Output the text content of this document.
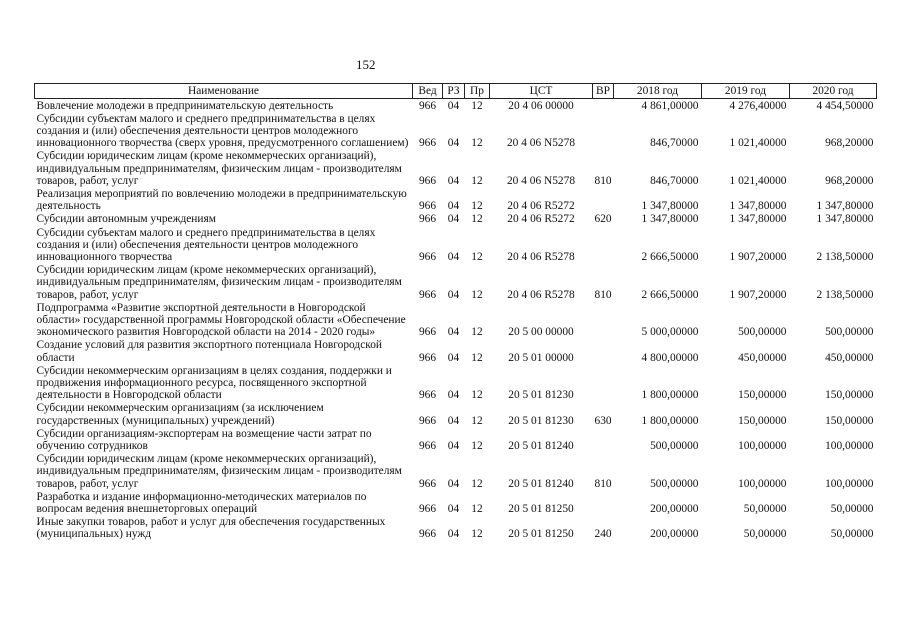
152
Наименование	Вед	РЗ	Пр	ЦСТ	ВР	2018 год	2019 год	2020 год
Вовлечение молодежи в предпринимательскую деятельность	966	04	12	20 4 06 00000		4 861,00000	4 276,40000	4 454,50000
Субсидии субъектам малого и среднего предпринимательства в целях создания и (или) обеспечения деятельности центров молодежного инновационного творчества (сверх уровня, предусмотренного соглашением)	966	04	12	20 4 06 N5278		846,70000	1 021,40000	968,20000
Субсидии юридическим лицам (кроме некоммерческих организаций), индивидуальным предпринимателям, физическим лицам - производителям товаров, работ, услуг	966	04	12	20 4 06 N5278	810	846,70000	1 021,40000	968,20000
Реализация мероприятий по вовлечению молодежи в предпринимательскую деятельность	966	04	12	20 4 06 R5272		1 347,80000	1 347,80000	1 347,80000
Субсидии автономным учреждениям	966	04	12	20 4 06 R5272	620	1 347,80000	1 347,80000	1 347,80000
Субсидии субъектам малого и среднего предпринимательства в целях создания и (или) обеспечения деятельности центров молодежного инновационного творчества	966	04	12	20 4 06 R5278		2 666,50000	1 907,20000	2 138,50000
Субсидии юридическим лицам (кроме некоммерческих организаций), индивидуальным предпринимателям, физическим лицам - производителям товаров, работ, услуг	966	04	12	20 4 06 R5278	810	2 666,50000	1 907,20000	2 138,50000
Подпрограмма «Развитие экспортной деятельности в Новгородской области» государственной программы Новгородской области «Обеспечение экономического развития Новгородской области на 2014 - 2020 годы»	966	04	12	20 5 00 00000		5 000,00000	500,00000	500,00000
Создание условий для развития экспортного потенциала Новгородской области	966	04	12	20 5 01 00000		4 800,00000	450,00000	450,00000
Субсидии некоммерческим организациям в целях создания, поддержки и продвижения информационного ресурса, посвященного экспортной деятельности в Новгородской области	966	04	12	20 5 01 81230		1 800,00000	150,00000	150,00000
Субсидии некоммерческим организациям (за исключением государственных (муниципальных) учреждений)	966	04	12	20 5 01 81230	630	1 800,00000	150,00000	150,00000
Субсидии организациям-экспортерам на возмещение части затрат по обучению сотрудников	966	04	12	20 5 01 81240		500,00000	100,00000	100,00000
Субсидии юридическим лицам (кроме некоммерческих организаций), индивидуальным предпринимателям, физическим лицам - производителям товаров, работ, услуг	966	04	12	20 5 01 81240	810	500,00000	100,00000	100,00000
Разработка и издание информационно-методических материалов по вопросам ведения внешнеторговых операций	966	04	12	20 5 01 81250		200,00000	50,00000	50,00000
Иные закупки товаров, работ и услуг для обеспечения государственных (муниципальных) нужд	966	04	12	20 5 01 81250	240	200,00000	50,00000	50,00000
